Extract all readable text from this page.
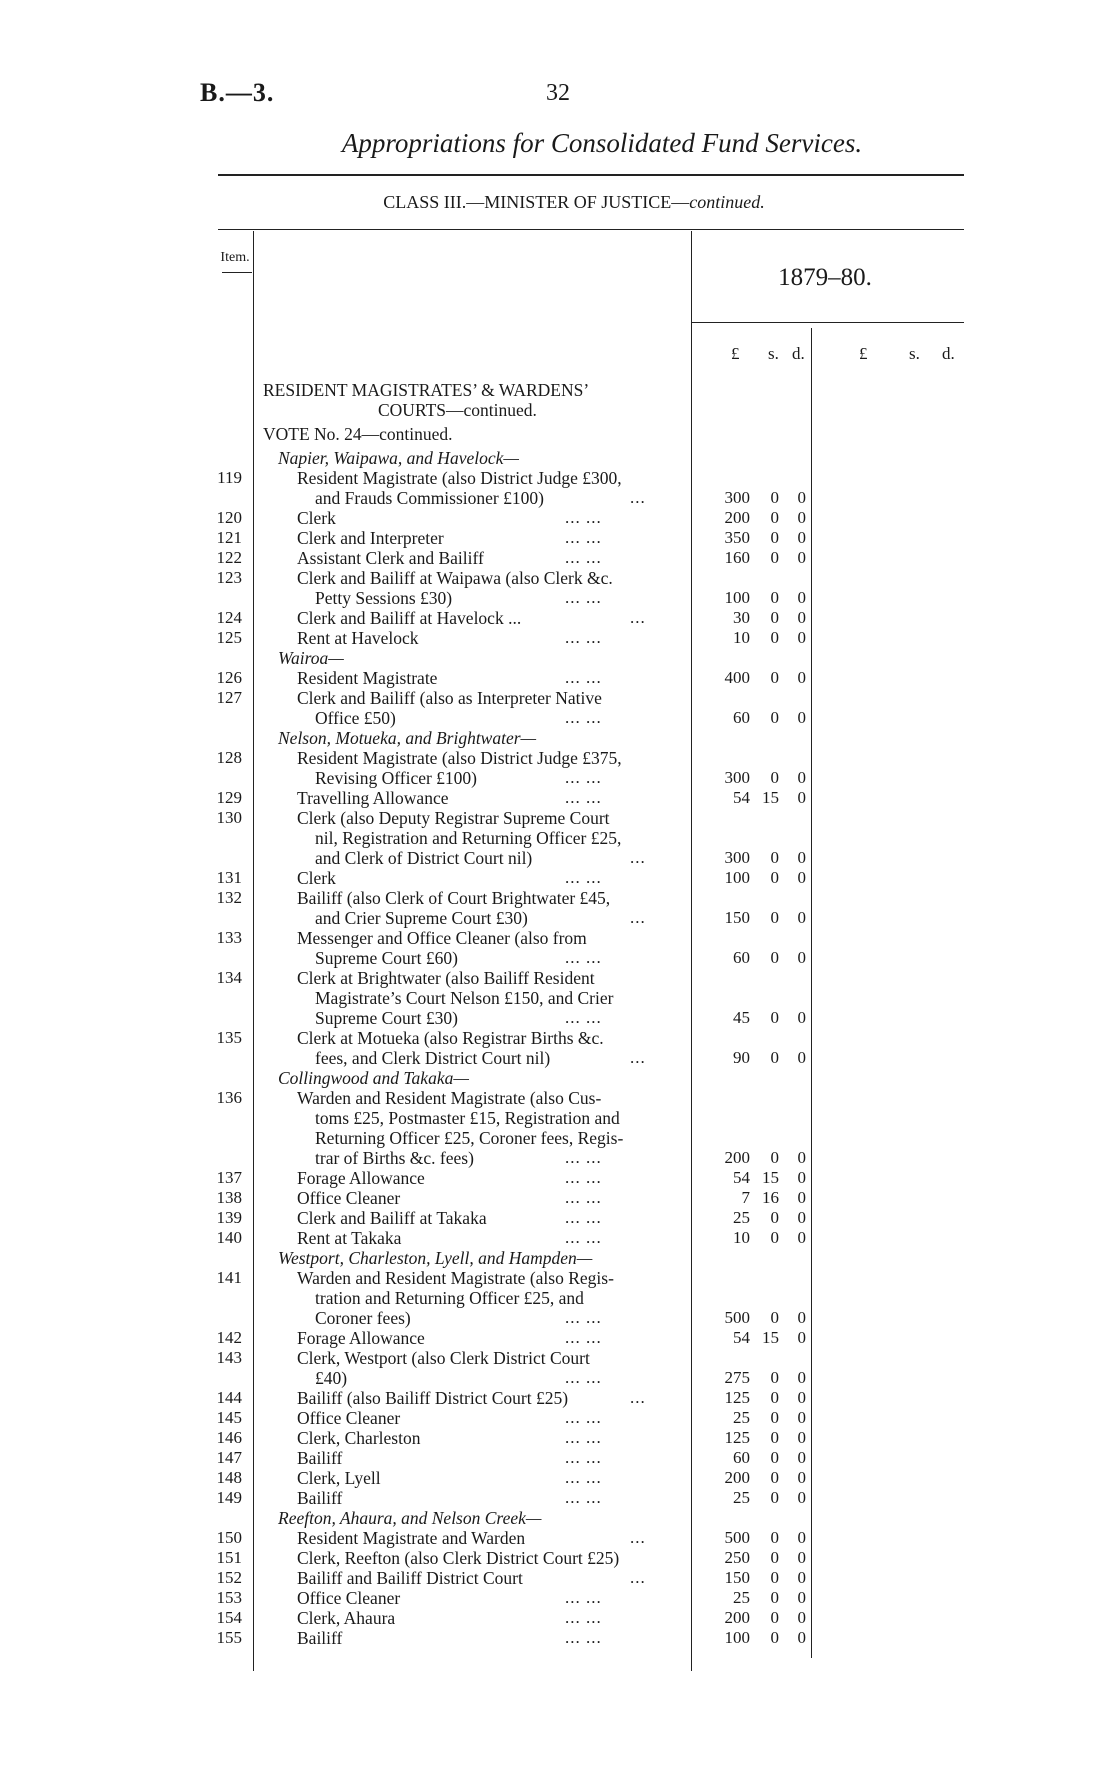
B.—3.	32
Appropriations for Consolidated Fund Services.
CLASS III.—MINISTER OF JUSTICE—continued.
Item.
1879–80.
£ s. d.	£ s. d.
RESIDENT MAGISTRATES’ & WARDENS’
COURTS—continued.
VOTE No. 24—continued.
Napier, Waipawa, and Havelock—
119	Resident Magistrate (also District Judge £300,
and Frauds Commissioner £100)	...	300	0	0
120	Clerk	... ...	200	0	0
121	Clerk and Interpreter	... ...	350	0	0
122	Assistant Clerk and Bailiff	... ...	160	0	0
123	Clerk and Bailiff at Waipawa (also Clerk &c.
Petty Sessions £30)	... ...	100	0	0
124	Clerk and Bailiff at Havelock ...	...	30	0	0
125	Rent at Havelock	... ...	10	0	0
Wairoa—
126	Resident Magistrate	... ...	400	0	0
127	Clerk and Bailiff (also as Interpreter Native
Office £50)	... ...	60	0	0
Nelson, Motueka, and Brightwater—
128	Resident Magistrate (also District Judge £375,
Revising Officer £100)	... ...	300	0	0
129	Travelling Allowance	... ...	54 15	0
130	Clerk (also Deputy Registrar Supreme Court
nil, Registration and Returning Officer £25,
and Clerk of District Court nil)	...	300	0	0
131	Clerk	... ...	100	0	0
132	Bailiff (also Clerk of Court Brightwater £45,
and Crier Supreme Court £30)	...	150	0	0
133	Messenger and Office Cleaner (also from
Supreme Court £60)	... ...	60	0	0
134	Clerk at Brightwater (also Bailiff Resident
Magistrate’s Court Nelson £150, and Crier
Supreme Court £30)	... ...	45	0	0
135	Clerk at Motueka (also Registrar Births &c.
fees, and Clerk District Court nil)	...	90	0	0
Collingwood and Takaka—
136	Warden and Resident Magistrate (also Cus-
toms £25, Postmaster £15, Registration and
Returning Officer £25, Coroner fees, Regis-
trar of Births &c. fees)	... ...	200	0	0
137	Forage Allowance	... ...	54 15	0
138	Office Cleaner	... ...	7 16	0
139	Clerk and Bailiff at Takaka	... ...	25	0	0
140	Rent at Takaka	... ...	10	0	0
Westport, Charleston, Lyell, and Hampden—
141	Warden and Resident Magistrate (also Regis-
tration and Returning Officer £25, and
Coroner fees)	... ...	500	0	0
142	Forage Allowance	... ...	54 15	0
143	Clerk, Westport (also Clerk District Court
£40)	... ...	275	0	0
144	Bailiff (also Bailiff District Court £25)	...	125	0	0
145	Office Cleaner	... ...	25	0	0
146	Clerk, Charleston	... ...	125	0	0
147	Bailiff	... ...	60	0	0
148	Clerk, Lyell	... ...	200	0	0
149	Bailiff	... ...	25	0	0
Reefton, Ahaura, and Nelson Creek—
150	Resident Magistrate and Warden	...	500	0	0
151	Clerk, Reefton (also Clerk District Court £25)	250	0	0
152	Bailiff and Bailiff District Court	...	150	0	0
153	Office Cleaner	... ...	25	0	0
154	Clerk, Ahaura	... ...	200	0	0
155	Bailiff	... ...	100	0	0
